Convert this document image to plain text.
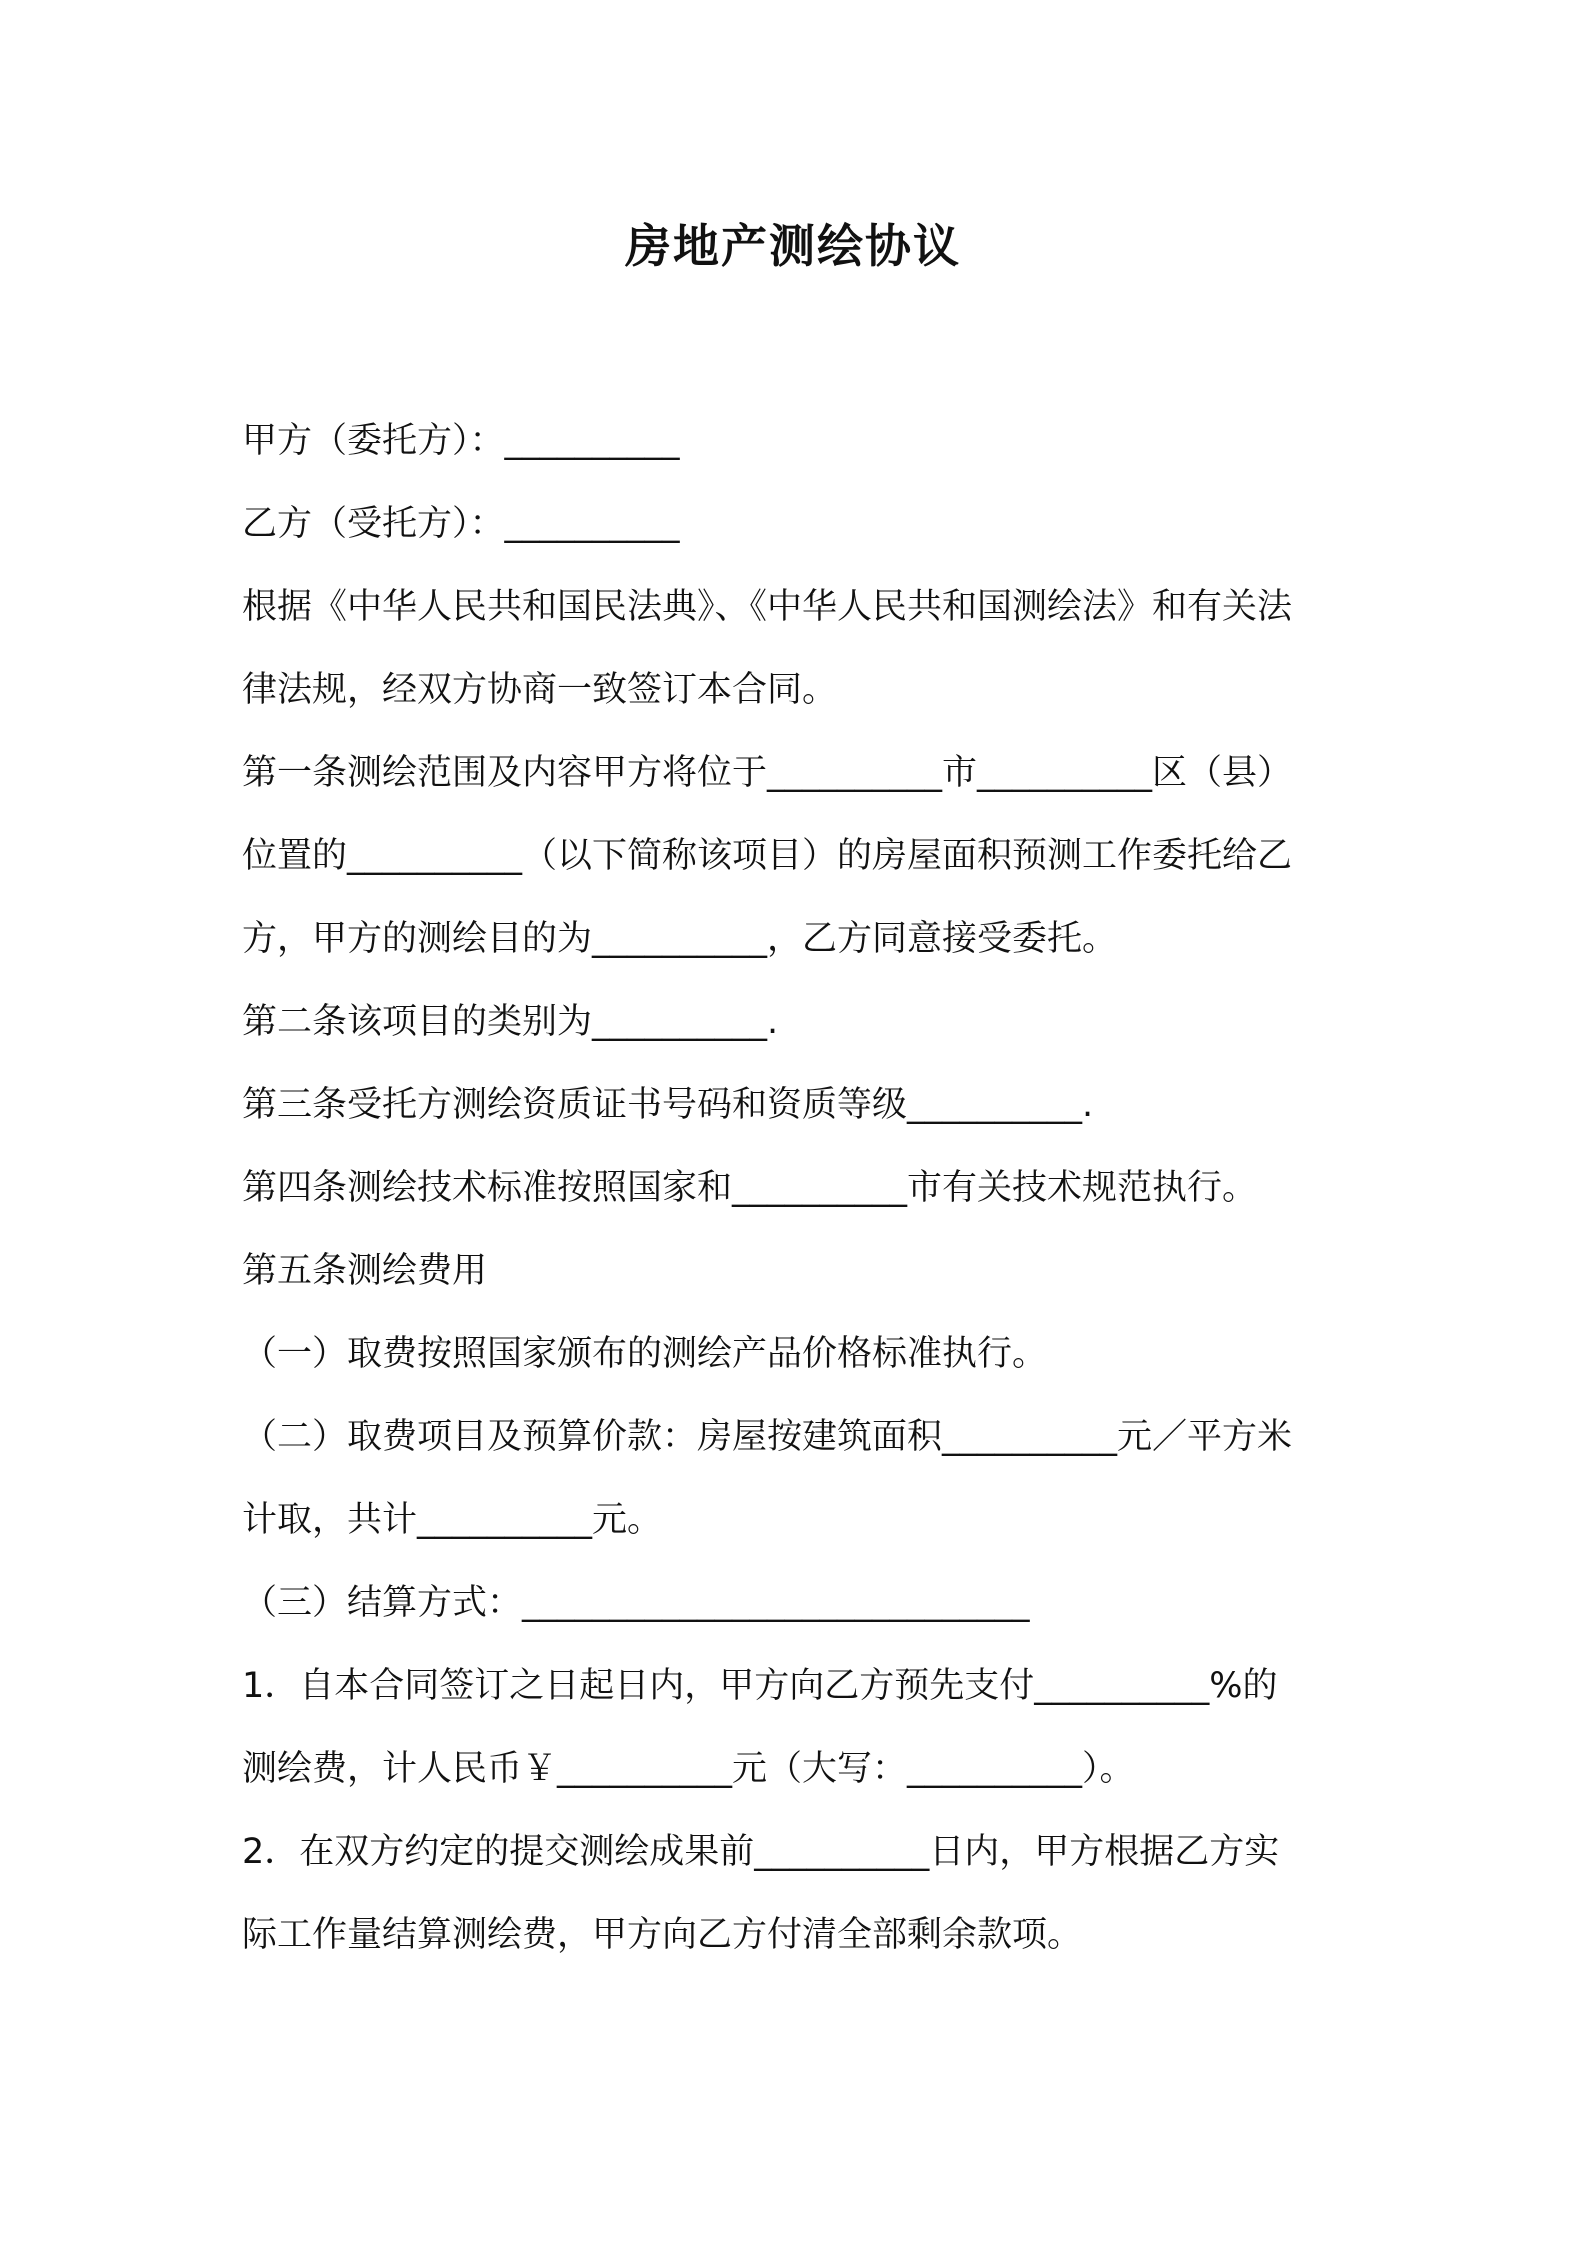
房地产测绘协议
甲方（委托方）：__________
乙方（受托方）：__________
根据《中华人民共和国民法典》、《中华人民共和国测绘法》和有关法
律法规，经双方协商一致签订本合同。
第一条测绘范围及内容甲方将位于__________市__________区（县）
位置的__________（以下简称该项目）的房屋面积预测工作委托给乙
方，甲方的测绘目的为__________，乙方同意接受委托。
第二条该项目的类别为__________.
第三条受托方测绘资质证书号码和资质等级__________.
第四条测绘技术标准按照国家和__________市有关技术规范执行。
第五条测绘费用
（一）取费按照国家颁布的测绘产品价格标准执行。
（二）取费项目及预算价款：房屋按建筑面积__________元／平方米
计取，共计__________元。
（三）结算方式：_____________________________
1．自本合同签订之日起日内，甲方向乙方预先支付__________%的
测绘费，计人民币￥__________元（大写：__________）。
2．在双方约定的提交测绘成果前__________日内，甲方根据乙方实
际工作量结算测绘费，甲方向乙方付清全部剩余款项。
